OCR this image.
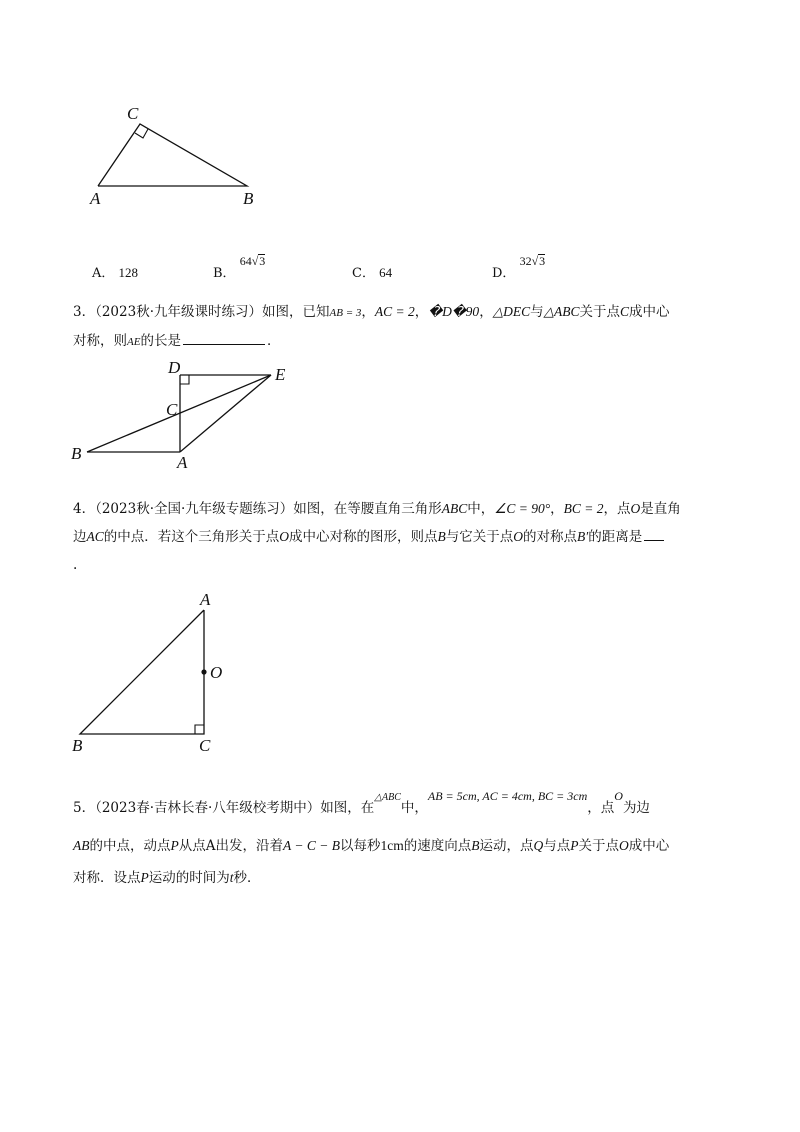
C
A	B
A． 128	B． 64√3
C． 64	D． 32√3
3．（2023秋·九年级课时练习）如图，已知AB = 3，AC = 2，�D�90，△DEC与△ABC关于点C成中心
对称，则AE的长是	．
D	E
C
B	A
4．（2023秋·全国·九年级专题练习）如图，在等腰直角三角形ABC中，∠C = 90°，BC = 2，点O是直角
边AC的中点．若这个三角形关于点O成中心对称的图形，则点B与它关于点O的对称点B′的距离是
.
A
O
B	C
5．（2023春·吉林长春·八年级校考期中）如图，在$^{\triangle ABC}$中，AB = 5cm, AC = 4cm, BC = 3cm，点O为边
AB的中点，动点P从点A出发，沿着A − C − B以每秒1cm的速度向点B运动，点Q与点P关于点O成中心
对称．设点P运动的时间为t秒．
